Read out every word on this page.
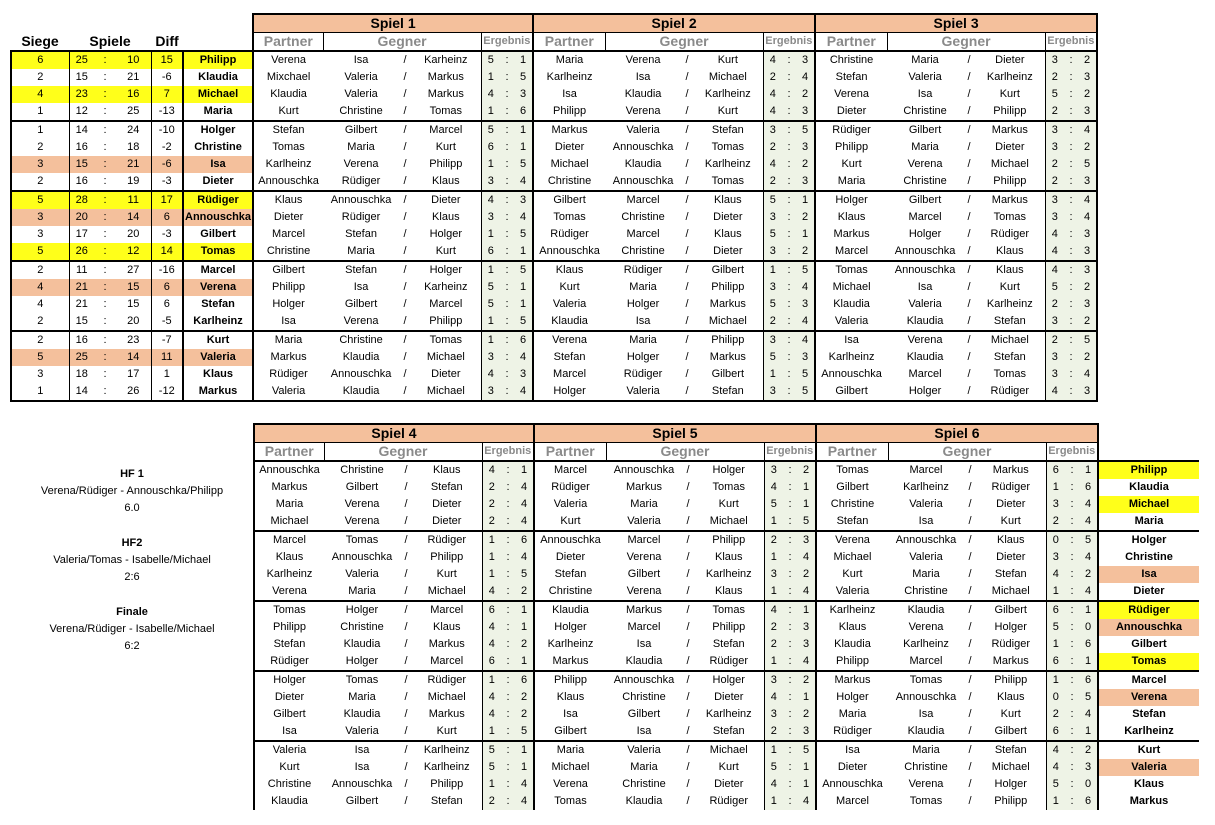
						Spiel 1							Spiel 2							Spiel 3						
Siege	Spiele			Diff		Partner	Gegner			Ergebnis			Partner	Gegner			Ergebnis			Partner	Gegner			Ergebnis		
6	25	:	10	15	Philipp	Verena	Isa	/	Karheinz	5	:	1	Maria	Verena	/	Kurt	4	:	3	Christine	Maria	/	Dieter	3	:	2
2	15	:	21	-6	Klaudia	Mixchael	Valeria	/	Markus	1	:	5	Karlheinz	Isa	/	Michael	2	:	4	Stefan	Valeria	/	Karlheinz	2	:	3
4	23	:	16	7	Michael	Klaudia	Valeria	/	Markus	4	:	3	Isa	Klaudia	/	Karlheinz	4	:	2	Verena	Isa	/	Kurt	5	:	2
1	12	:	25	-13	Maria	Kurt	Christine	/	Tomas	1	:	6	Philipp	Verena	/	Kurt	4	:	3	Dieter	Christine	/	Philipp	2	:	3
1	14	:	24	-10	Holger	Stefan	Gilbert	/	Marcel	5	:	1	Markus	Valeria	/	Stefan	3	:	5	Rüdiger	Gilbert	/	Markus	3	:	4
2	16	:	18	-2	Christine	Tomas	Maria	/	Kurt	6	:	1	Dieter	Annouschka	/	Tomas	2	:	3	Philipp	Maria	/	Dieter	3	:	2
3	15	:	21	-6	Isa	Karlheinz	Verena	/	Philipp	1	:	5	Michael	Klaudia	/	Karlheinz	4	:	2	Kurt	Verena	/	Michael	2	:	5
2	16	:	19	-3	Dieter	Annouschka	Rüdiger	/	Klaus	3	:	4	Christine	Annouschka	/	Tomas	2	:	3	Maria	Christine	/	Philipp	2	:	3
5	28	:	11	17	Rüdiger	Klaus	Annouschka	/	Dieter	4	:	3	Gilbert	Marcel	/	Klaus	5	:	1	Holger	Gilbert	/	Markus	3	:	4
3	20	:	14	6	Annouschka	Dieter	Rüdiger	/	Klaus	3	:	4	Tomas	Christine	/	Dieter	3	:	2	Klaus	Marcel	/	Tomas	3	:	4
3	17	:	20	-3	Gilbert	Marcel	Stefan	/	Holger	1	:	5	Rüdiger	Marcel	/	Klaus	5	:	1	Markus	Holger	/	Rüdiger	4	:	3
5	26	:	12	14	Tomas	Christine	Maria	/	Kurt	6	:	1	Annouschka	Christine	/	Dieter	3	:	2	Marcel	Annouschka	/	Klaus	4	:	3
2	11	:	27	-16	Marcel	Gilbert	Stefan	/	Holger	1	:	5	Klaus	Rüdiger	/	Gilbert	1	:	5	Tomas	Annouschka	/	Klaus	4	:	3
4	21	:	15	6	Verena	Philipp	Isa	/	Karheinz	5	:	1	Kurt	Maria	/	Philipp	3	:	4	Michael	Isa	/	Kurt	5	:	2
4	21	:	15	6	Stefan	Holger	Gilbert	/	Marcel	5	:	1	Valeria	Holger	/	Markus	5	:	3	Klaudia	Valeria	/	Karlheinz	2	:	3
2	15	:	20	-5	Karlheinz	Isa	Verena	/	Philipp	1	:	5	Klaudia	Isa	/	Michael	2	:	4	Valeria	Klaudia	/	Stefan	3	:	2
2	16	:	23	-7	Kurt	Maria	Christine	/	Tomas	1	:	6	Verena	Maria	/	Philipp	3	:	4	Isa	Verena	/	Michael	2	:	5
5	25	:	14	11	Valeria	Markus	Klaudia	/	Michael	3	:	4	Stefan	Holger	/	Markus	5	:	3	Karlheinz	Klaudia	/	Stefan	3	:	2
3	18	:	17	1	Klaus	Rüdiger	Annouschka	/	Dieter	4	:	3	Marcel	Rüdiger	/	Gilbert	1	:	5	Annouschka	Marcel	/	Tomas	3	:	4
1	14	:	26	-12	Markus	Valeria	Klaudia	/	Michael	3	:	4	Holger	Valeria	/	Stefan	3	:	5	Gilbert	Holger	/	Rüdiger	4	:	3
Spiel 4							Spiel 5							Spiel 6							
Partner	Gegner			Ergebnis			Partner	Gegner			Ergebnis			Partner	Gegner			Ergebnis			
Annouschka	Christine	/	Klaus	4	:	1	Marcel	Annouschka	/	Holger	3	:	2	Tomas	Marcel	/	Markus	6	:	1	Philipp
Markus	Gilbert	/	Stefan	2	:	4	Rüdiger	Markus	/	Tomas	4	:	1	Gilbert	Karlheinz	/	Rüdiger	1	:	6	Klaudia
Maria	Verena	/	Dieter	2	:	4	Valeria	Maria	/	Kurt	5	:	1	Christine	Valeria	/	Dieter	3	:	4	Michael
Michael	Verena	/	Dieter	2	:	4	Kurt	Valeria	/	Michael	1	:	5	Stefan	Isa	/	Kurt	2	:	4	Maria
Marcel	Tomas	/	Rüdiger	1	:	6	Annouschka	Marcel	/	Philipp	2	:	3	Verena	Annouschka	/	Klaus	0	:	5	Holger
Klaus	Annouschka	/	Philipp	1	:	4	Dieter	Verena	/	Klaus	1	:	4	Michael	Valeria	/	Dieter	3	:	4	Christine
Karlheinz	Valeria	/	Kurt	1	:	5	Stefan	Gilbert	/	Karlheinz	3	:	2	Kurt	Maria	/	Stefan	4	:	2	Isa
Verena	Maria	/	Michael	4	:	2	Christine	Verena	/	Klaus	1	:	4	Valeria	Christine	/	Michael	1	:	4	Dieter
Tomas	Holger	/	Marcel	6	:	1	Klaudia	Markus	/	Tomas	4	:	1	Karlheinz	Klaudia	/	Gilbert	6	:	1	Rüdiger
Philipp	Christine	/	Klaus	4	:	1	Holger	Marcel	/	Philipp	2	:	3	Klaus	Verena	/	Holger	5	:	0	Annouschka
Stefan	Klaudia	/	Markus	4	:	2	Karlheinz	Isa	/	Stefan	2	:	3	Klaudia	Karlheinz	/	Rüdiger	1	:	6	Gilbert
Rüdiger	Holger	/	Marcel	6	:	1	Markus	Klaudia	/	Rüdiger	1	:	4	Philipp	Marcel	/	Markus	6	:	1	Tomas
Holger	Tomas	/	Rüdiger	1	:	6	Philipp	Annouschka	/	Holger	3	:	2	Markus	Tomas	/	Philipp	1	:	6	Marcel
Dieter	Maria	/	Michael	4	:	2	Klaus	Christine	/	Dieter	4	:	1	Holger	Annouschka	/	Klaus	0	:	5	Verena
Gilbert	Klaudia	/	Markus	4	:	2	Isa	Gilbert	/	Karlheinz	3	:	2	Maria	Isa	/	Kurt	2	:	4	Stefan
Isa	Valeria	/	Kurt	1	:	5	Gilbert	Isa	/	Stefan	2	:	3	Rüdiger	Klaudia	/	Gilbert	6	:	1	Karlheinz
Valeria	Isa	/	Karlheinz	5	:	1	Maria	Valeria	/	Michael	1	:	5	Isa	Maria	/	Stefan	4	:	2	Kurt
Kurt	Isa	/	Karlheinz	5	:	1	Michael	Maria	/	Kurt	5	:	1	Dieter	Christine	/	Michael	4	:	3	Valeria
Christine	Annouschka	/	Philipp	1	:	4	Verena	Christine	/	Dieter	4	:	1	Annouschka	Verena	/	Holger	5	:	0	Klaus
Klaudia	Gilbert	/	Stefan	2	:	4	Tomas	Klaudia	/	Rüdiger	1	:	4	Marcel	Tomas	/	Philipp	1	:	6	Markus
HF 1
Verena/Rüdiger - Annouschka/Philipp
6.0
HF2
Valeria/Tomas - Isabelle/Michael
2:6
Finale
Verena/Rüdiger - Isabelle/Michael
6:2
